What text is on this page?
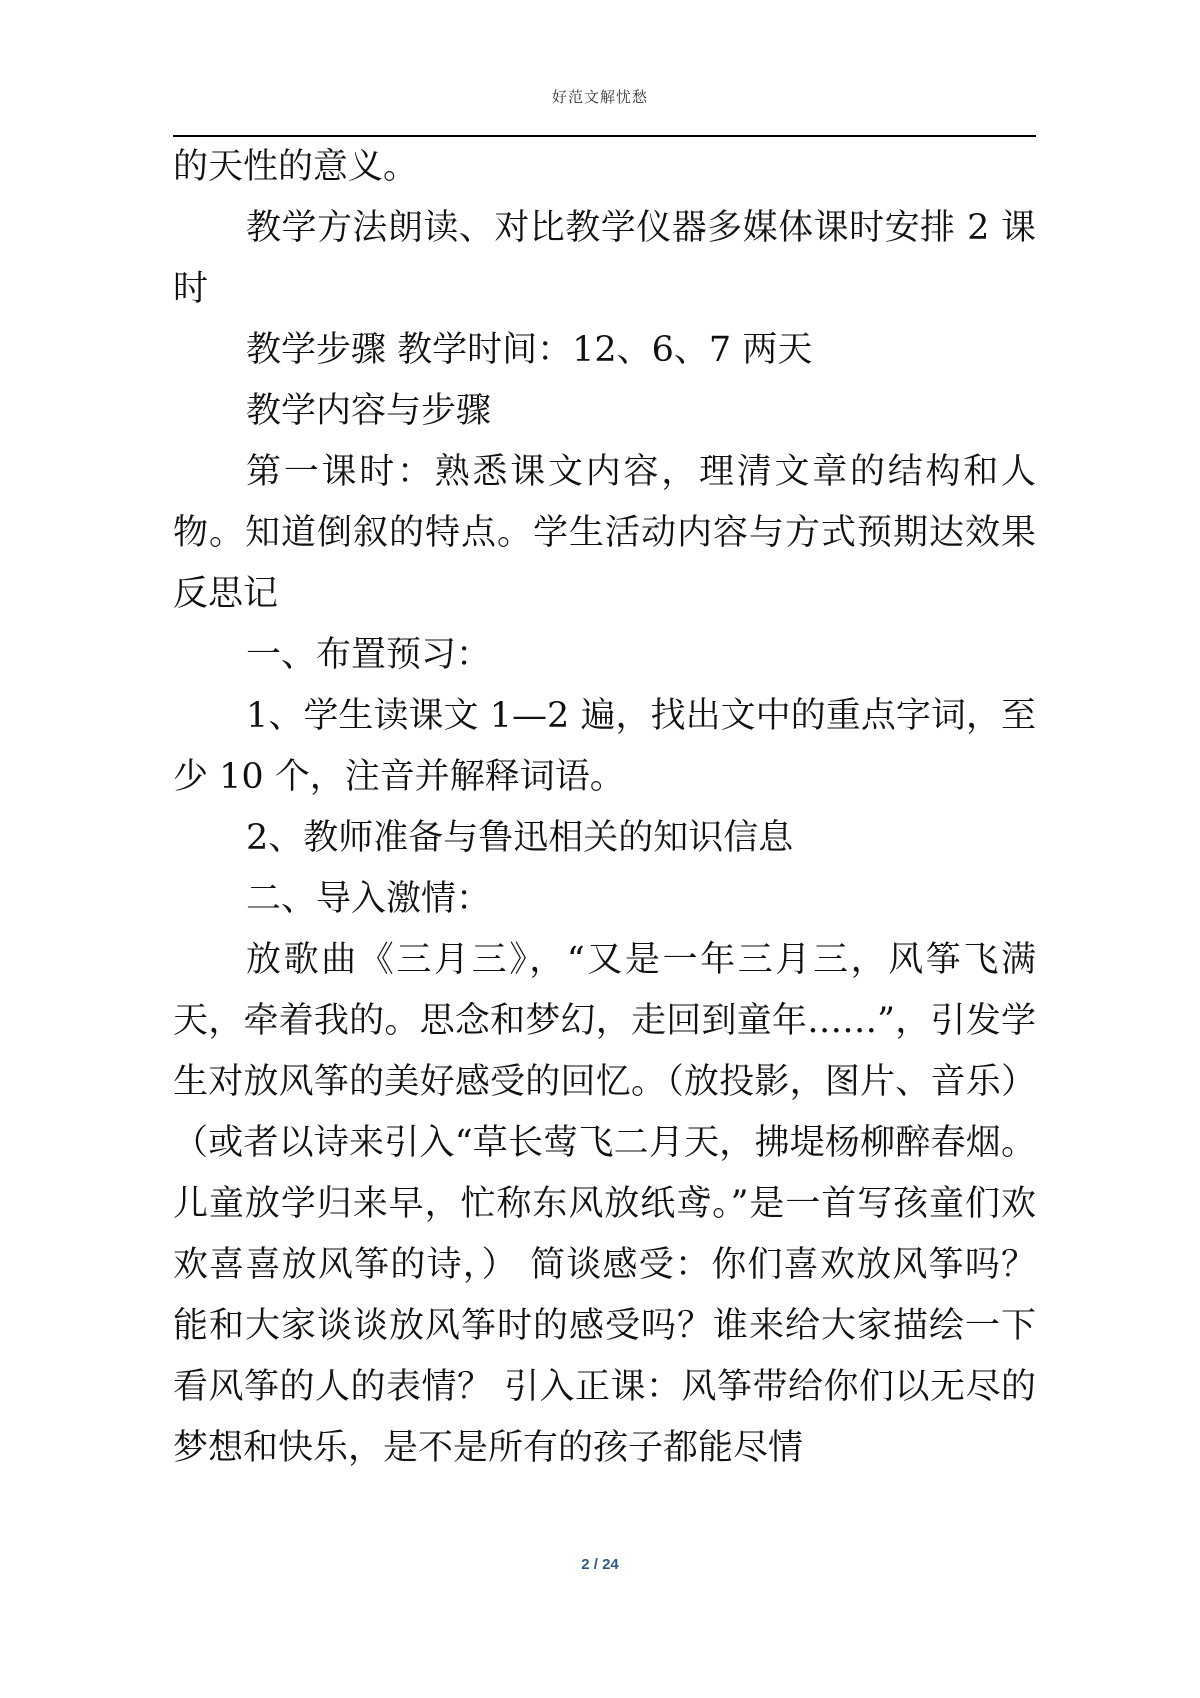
好范文解忧愁

的天性的意义。

教学方法朗读、对比教学仪器多媒体课时安排 2 课时

教学步骤 教学时间：12、6、7 两天

教学内容与步骤

第一课时：熟悉课文内容，理清文章的结构和人物。知道倒叙的特点。学生活动内容与方式预期达效果反思记

一、布置预习：

1、学生读课文 1—2 遍，找出文中的重点字词，至少 10 个，注音并解释词语。

2、教师准备与鲁迅相关的知识信息

二、导入激情：

放歌曲《三月三》，“又是一年三月三，风筝飞满天，牵着我的。思念和梦幻，走回到童年……”，引发学生对放风筝的美好感受的回忆。（放投影，图片、音乐）（或者以诗来引入“草长莺飞二月天，拂堤杨柳醉春烟。儿童放学归来早，忙称东风放纸鸢。”是一首写孩童们欢欢喜喜放风筝的诗，） 简谈感受：你们喜欢放风筝吗？能和大家谈谈放风筝时的感受吗？谁来给大家描绘一下看风筝的人的表情？ 引入正课：风筝带给你们以无尽的梦想和快乐，是不是所有的孩子都能尽情

2 / 24
